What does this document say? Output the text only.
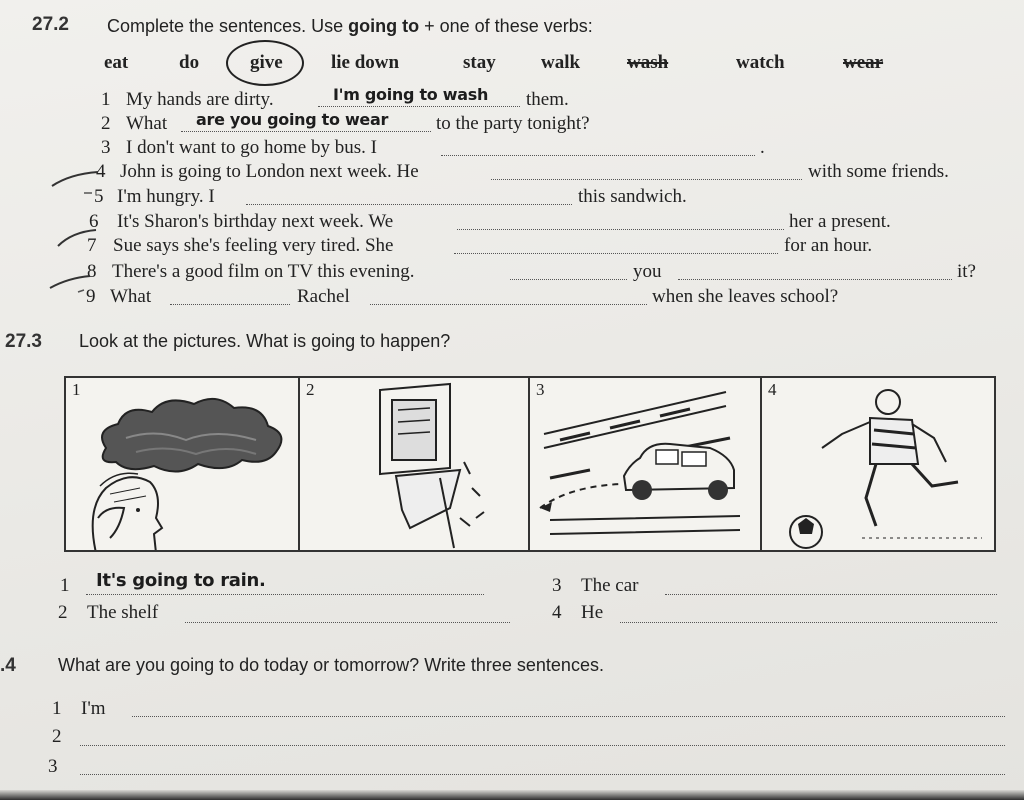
27.2 Complete the sentences. Use going to + one of these verbs:
eat	do	give	lie down	stay walk wash	watch	wear
1 My hands are dirty.	I'm going to wash them.
2 What are you going to wear	to the party tonight?
3 I don't want to go home by bus. I	.
4 John is going to London next week. He	with some friends.
5 I'm hungry. I	this sandwich.
6 It's Sharon's birthday next week. We	her a present.
7 Sue says she's feeling very tired. She	for an hour.
8 There's a good film on TV this evening.	you	it?
9 What	Rachel	when she leaves school?
27.3 Look at the pictures. What is going to happen?
1	2	3	4
1 It's going to rain.
2 The shelf
3 The car
4 He
.4 What are you going to do today or tomorrow? Write three sentences.
1 I'm
2
3
